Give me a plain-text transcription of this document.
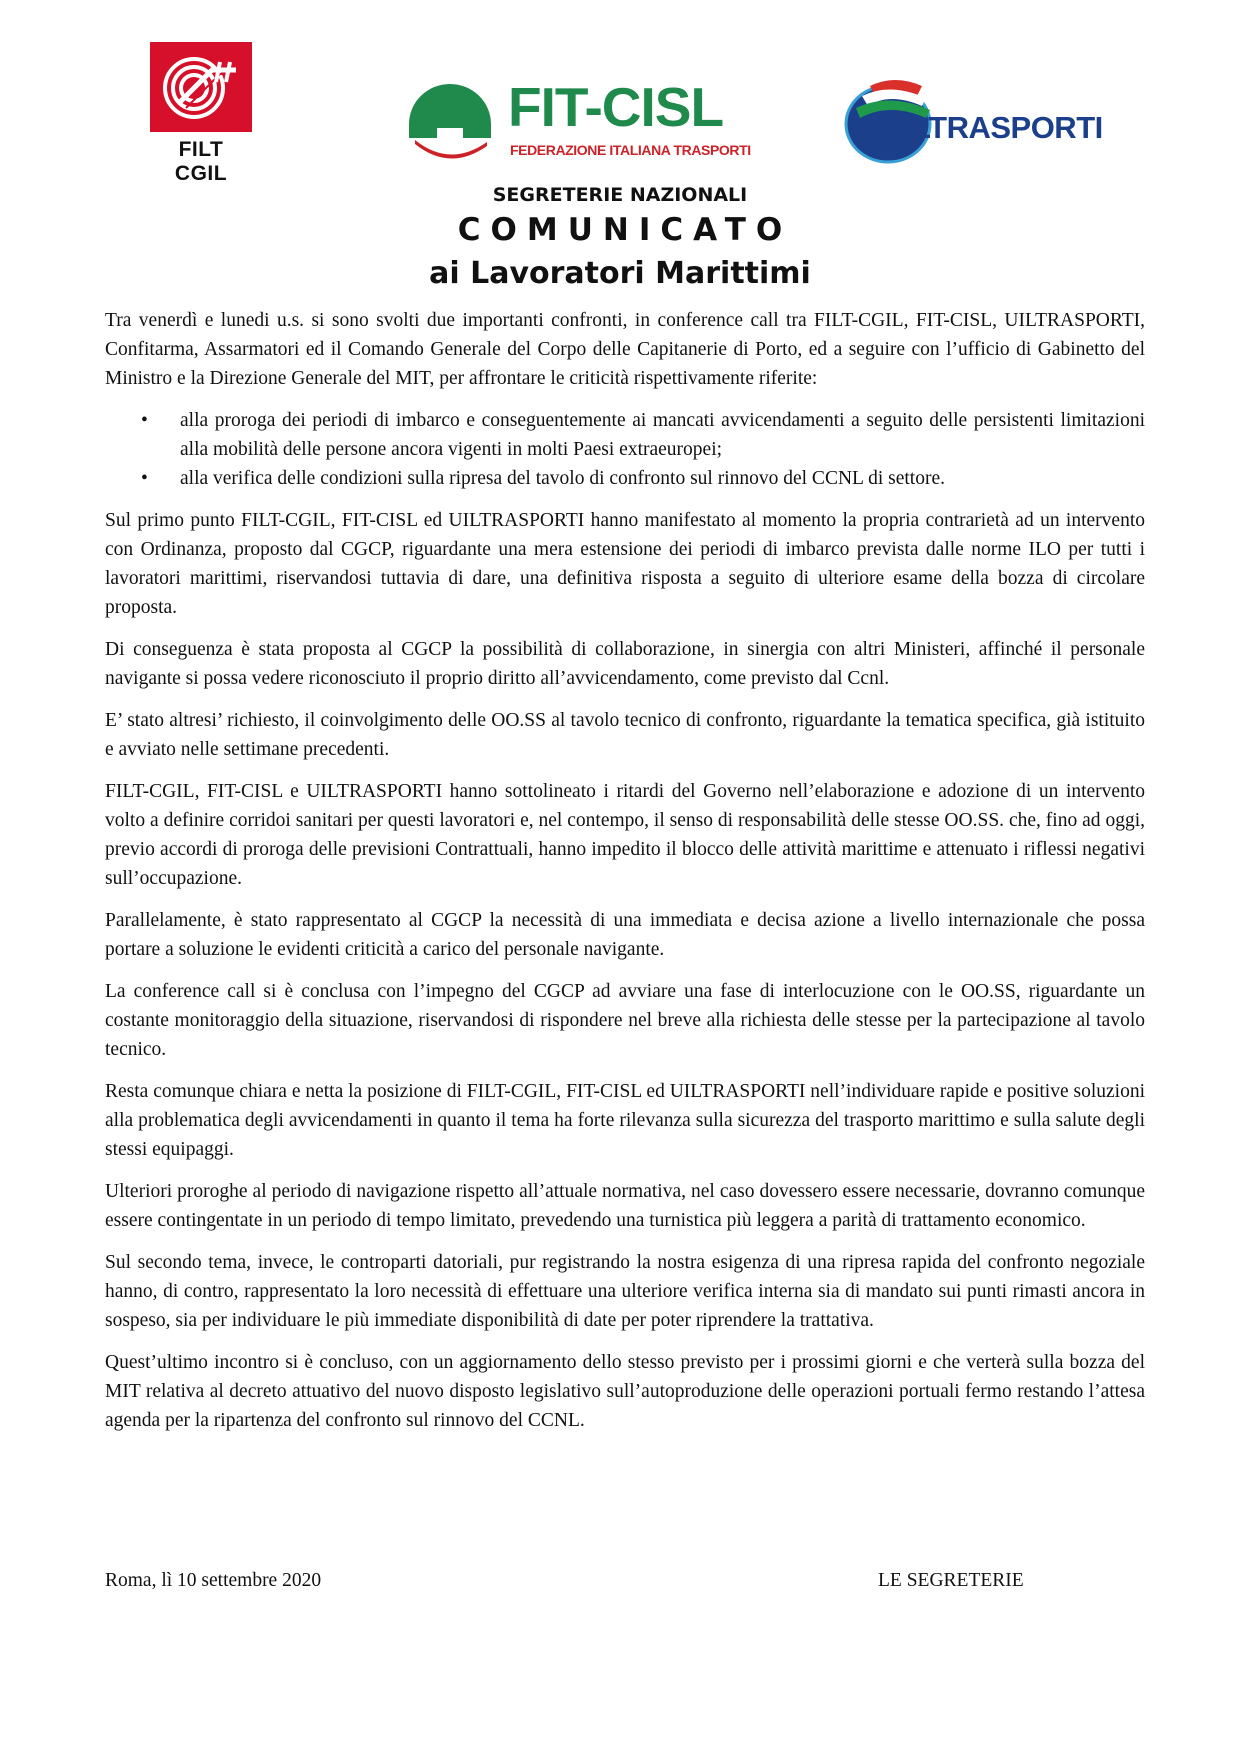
FILT CGIL
FIT-CISL
FEDERAZIONE ITALIANA TRASPORTI
UILTRASPORTI
SEGRETERIE NAZIONALI
COMUNICATO
ai Lavoratori Marittimi

Tra venerdì e lunedi u.s. si sono svolti due importanti confronti, in conference call tra FILT-CGIL, FIT-CISL, UILTRASPORTI, Confitarma, Assarmatori ed il Comando Generale del Corpo delle Capitanerie di Porto, ed a seguire con l’ufficio di Gabinetto del Ministro e la Direzione Generale del MIT, per affrontare le criticità rispettivamente riferite:

• alla proroga dei periodi di imbarco e conseguentemente ai mancati avvicendamenti a seguito delle persistenti limitazioni alla mobilità delle persone ancora vigenti in molti Paesi extraeuropei;
• alla verifica delle condizioni sulla ripresa del tavolo di confronto sul rinnovo del CCNL di settore.

Sul primo punto FILT-CGIL, FIT-CISL ed UILTRASPORTI hanno manifestato al momento la propria contrarietà ad un intervento con Ordinanza, proposto dal CGCP, riguardante una mera estensione dei periodi di imbarco prevista dalle norme ILO per tutti i lavoratori marittimi, riservandosi tuttavia di dare, una definitiva risposta a seguito di ulteriore esame della bozza di circolare proposta.

Di conseguenza è stata proposta al CGCP la possibilità di collaborazione, in sinergia con altri Ministeri, affinché il personale navigante si possa vedere riconosciuto il proprio diritto all’avvicendamento, come previsto dal Ccnl.

E’ stato altresi’ richiesto, il coinvolgimento delle OO.SS al tavolo tecnico di confronto, riguardante la tematica specifica, già istituito e avviato nelle settimane precedenti.

FILT-CGIL, FIT-CISL e UILTRASPORTI hanno sottolineato i ritardi del Governo nell’elaborazione e adozione di un intervento volto a definire corridoi sanitari per questi lavoratori e, nel contempo, il senso di responsabilità delle stesse OO.SS. che, fino ad oggi, previo accordi di proroga delle previsioni Contrattuali, hanno impedito il blocco delle attività marittime e attenuato i riflessi negativi sull’occupazione.

Parallelamente, è stato rappresentato al CGCP la necessità di una immediata e decisa azione a livello internazionale che possa portare a soluzione le evidenti criticità a carico del personale navigante.

La conference call si è conclusa con l’impegno del CGCP ad avviare una fase di interlocuzione con le OO.SS, riguardante un costante monitoraggio della situazione, riservandosi di rispondere nel breve alla richiesta delle stesse per la partecipazione al tavolo tecnico.

Resta comunque chiara e netta la posizione di FILT-CGIL, FIT-CISL ed UILTRASPORTI nell’individuare rapide e positive soluzioni alla problematica degli avvicendamenti in quanto il tema ha forte rilevanza sulla sicurezza del trasporto marittimo e sulla salute degli stessi equipaggi.

Ulteriori proroghe al periodo di navigazione rispetto all’attuale normativa, nel caso dovessero essere necessarie, dovranno comunque essere contingentate in un periodo di tempo limitato, prevedendo una turnistica più leggera a parità di trattamento economico.

Sul secondo tema, invece, le controparti datoriali, pur registrando la nostra esigenza di una ripresa rapida del confronto negoziale hanno, di contro, rappresentato la loro necessità di effettuare una ulteriore verifica interna sia di mandato sui punti rimasti ancora in sospeso, sia per individuare le più immediate disponibilità di date per poter riprendere la trattativa.

Quest’ultimo incontro si è concluso, con un aggiornamento dello stesso previsto per i prossimi giorni e che verterà sulla bozza del MIT relativa al decreto attuativo del nuovo disposto legislativo sull’autoproduzione delle operazioni portuali fermo restando l’attesa agenda per la ripartenza del confronto sul rinnovo del CCNL.

Roma, lì 10 settembre 2020	LE SEGRETERIE
